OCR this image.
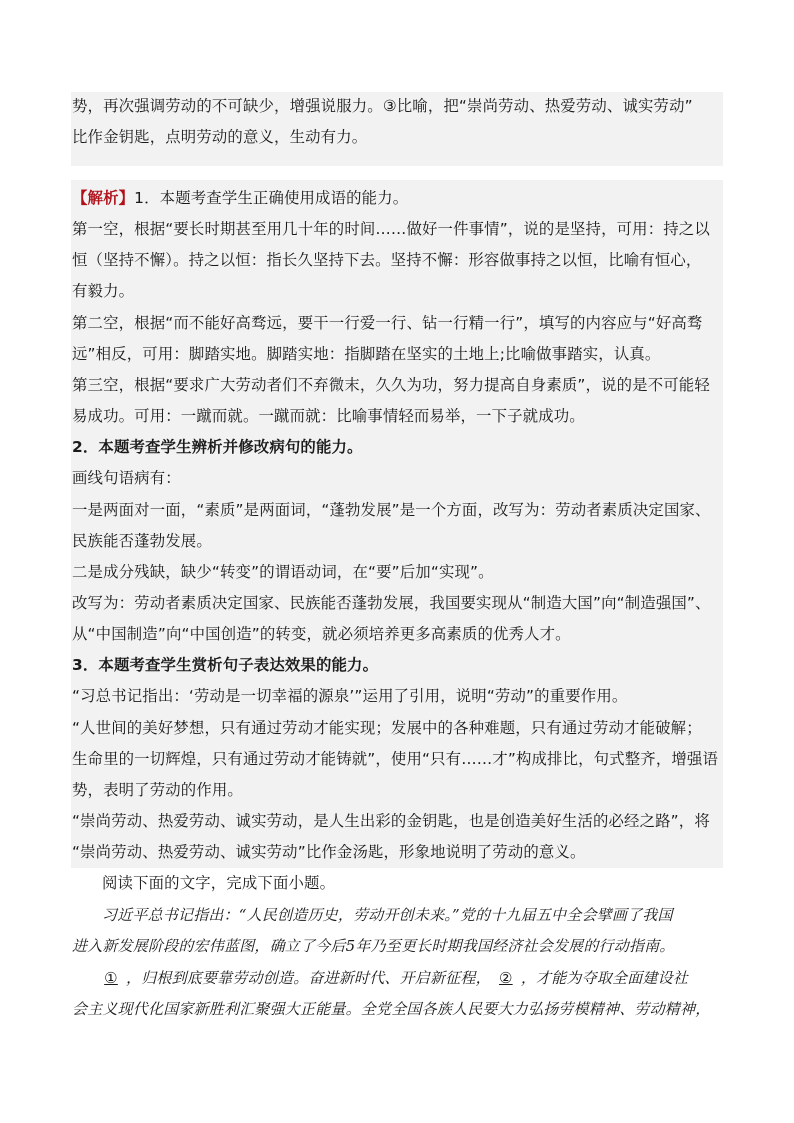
势，再次强调劳动的不可缺少，增强说服力。③比喻，把“崇尚劳动、热爱劳动、诚实劳动”
比作金钥匙，点明劳动的意义，生动有力。
【解析】1．本题考查学生正确使用成语的能力。
第一空，根据“要长时期甚至用几十年的时间……做好一件事情”，说的是坚持，可用：持之以
恒（坚持不懈）。持之以恒：指长久坚持下去。坚持不懈：形容做事持之以恒，比喻有恒心，
有毅力。
第二空，根据“而不能好高骛远，要干一行爱一行、钻一行精一行”，填写的内容应与“好高骛
远”相反，可用：脚踏实地。脚踏实地：指脚踏在坚实的土地上;比喻做事踏实，认真。
第三空，根据“要求广大劳动者们不弃微末，久久为功，努力提高自身素质”，说的是不可能轻
易成功。可用：一蹴而就。一蹴而就：比喻事情轻而易举，一下子就成功。
2．本题考查学生辨析并修改病句的能力。
画线句语病有：
一是两面对一面，“素质”是两面词，“蓬勃发展”是一个方面，改写为：劳动者素质决定国家、
民族能否蓬勃发展。
二是成分残缺，缺少“转变”的谓语动词，在“要”后加“实现”。
改写为：劳动者素质决定国家、民族能否蓬勃发展，我国要实现从“制造大国”向“制造强国”、
从“中国制造”向“中国创造”的转变，就必须培养更多高素质的优秀人才。
3．本题考查学生赏析句子表达效果的能力。
“习总书记指出：‘劳动是一切幸福的源泉’”运用了引用，说明“劳动”的重要作用。
“人世间的美好梦想，只有通过劳动才能实现；发展中的各种难题，只有通过劳动才能破解；
生命里的一切辉煌，只有通过劳动才能铸就”，使用“只有……才”构成排比，句式整齐，增强语
势，表明了劳动的作用。
“崇尚劳动、热爱劳动、诚实劳动，是人生出彩的金钥匙，也是创造美好生活的必经之路”，将
“崇尚劳动、热爱劳动、诚实劳动”比作金汤匙，形象地说明了劳动的意义。
阅读下面的文字，完成下面小题。
习近平总书记指出：“人民创造历史，劳动开创未来。”党的十九届五中全会擘画了我国
进入新发展阶段的宏伟蓝图，确立了今后5年乃至更长时期我国经济社会发展的行动指南。
① ，归根到底要靠劳动创造。奋进新时代、开启新征程， ② ，才能为夺取全面建设社
会主义现代化国家新胜利汇聚强大正能量。全党全国各族人民要大力弘扬劳模精神、劳动精神，
